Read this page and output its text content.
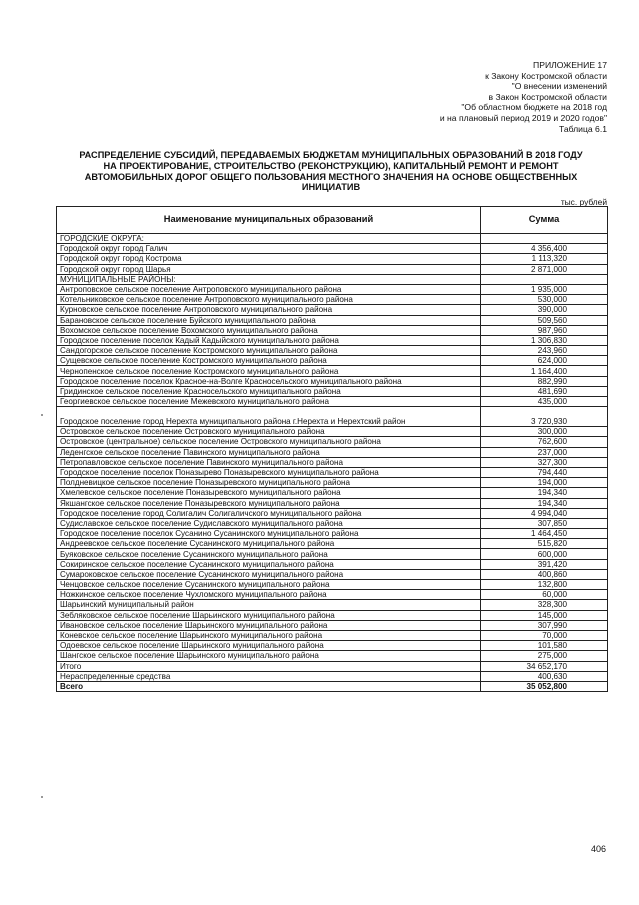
ПРИЛОЖЕНИЕ 17
к Закону Костромской области
"О внесении изменений
в Закон Костромской области
"Об областном бюджете на 2018 год
и на плановый период 2019 и 2020 годов"
Таблица 6.1
РАСПРЕДЕЛЕНИЕ СУБСИДИЙ, ПЕРЕДАВАЕМЫХ БЮДЖЕТАМ МУНИЦИПАЛЬНЫХ ОБРАЗОВАНИЙ В 2018 ГОДУ
НА ПРОЕКТИРОВАНИЕ, СТРОИТЕЛЬСТВО (РЕКОНСТРУКЦИЮ), КАПИТАЛЬНЫЙ РЕМОНТ И РЕМОНТ
АВТОМОБИЛЬНЫХ ДОРОГ ОБЩЕГО ПОЛЬЗОВАНИЯ МЕСТНОГО ЗНАЧЕНИЯ НА ОСНОВЕ ОБЩЕСТВЕННЫХ
ИНИЦИАТИВ
тыс. рублей
Наименование муниципальных образований	Сумма
ГОРОДСКИЕ ОКРУГА:	
Городской округ город Галич	4 356,400
Городской округ город Кострома	1 113,320
Городской округ город Шарья	2 871,000
МУНИЦИПАЛЬНЫЕ РАЙОНЫ:	
Антроповское сельское поселение Антроповского муниципального района	1 935,000
Котельниковское сельское поселение Антроповского муниципального района	530,000
Курновское сельское поселение Антроповского муниципального района	390,000
Барановское сельское поселение Буйского муниципального района	509,560
Вохомское сельское поселение Вохомского муниципального района	987,960
Городское поселение поселок Кадый Кадыйского муниципального района	1 306,830
Сандогорское сельское поселение Костромского муниципального района	243,960
Сущевское сельское поселение Костромского муниципального района	624,000
Чернопенское сельское поселение Костромского муниципального района	1 164,400
Городское поселение поселок Красное-на-Волге Красносельского муниципального района	882,990
Гридинское сельское поселение Красносельского муниципального района	481,690
Георгиевское сельское поселение Межевского муниципального района	435,000
Городское поселение город Нерехта муниципального района г.Нерехта и Нерехтский район	3 720,930
Островское сельское поселение Островского муниципального района	300,000
Островское (центральное) сельское поселение Островского муниципального района	762,600
Леденгское сельское поселение Павинского муниципального района	237,000
Петропавловское сельское поселение Павинского муниципального района	327,300
Городское поселение поселок Поназырево Поназыревского муниципального района	794,440
Полдневицкое сельское поселение Поназыревского муниципального района	194,000
Хмелевское сельское поселение Поназыревского муниципального района	194,340
Якшангское сельское поселение Поназыревского муниципального района	194,340
Городское поселение город Солигалич Солигаличского муниципального района	4 994,040
Судиславское сельское поселение Судиславского муниципального района	307,850
Городское поселение поселок Сусанино Сусанинского муниципального района	1 464,450
Андреевское сельское поселение Сусанинского муниципального района	515,820
Буяковское сельское поселение Сусанинского муниципального района	600,000
Сокиринское сельское поселение Сусанинского муниципального района	391,420
Сумароковское сельское поселение Сусанинского муниципального района	400,860
Ченцовское сельское поселение Сусанинского муниципального района	132,800
Ножкинское сельское поселение Чухломского муниципального района	60,000
Шарьинский муниципальный район	328,300
Зебляковское сельское поселение Шарьинского муниципального района	145,000
Ивановское сельское поселение Шарьинского муниципального района	307,990
Коневское сельское поселение Шарьинского муниципального района	70,000
Одоевское сельское поселение Шарьинского муниципального района	101,580
Шангское сельское поселение Шарьинского муниципального района	275,000
Итого	34 652,170
Нераспределенные средства	400,630
Всего	35 052,800
406
